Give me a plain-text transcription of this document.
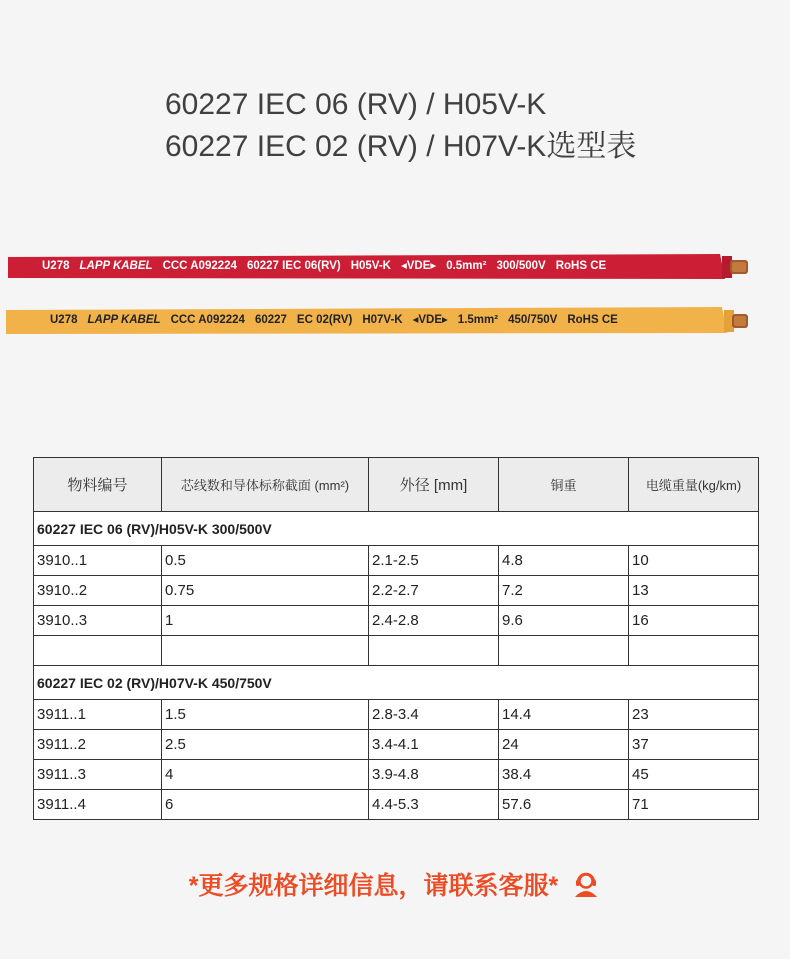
60227 IEC 06 (RV) / H05V-K
60227 IEC 02 (RV) / H07V-K选型表
U278 LAPP KABEL CCC A092224 60227 IEC 06(RV) H05V-K ◂VDE▸ 0.5mm² 300/500V RoHS CE
U278 LAPP KABEL CCC A092224 60227 EC 02(RV) H07V-K ◂VDE▸ 1.5mm² 450/750V RoHS CE
物料编号	芯线数和导体标称截面 (mm²)	外径 [mm]	铜重	电缆重量(kg/km)
60227 IEC 06 (RV)/H05V-K 300/500V				
3910..1	0.5	2.1-2.5	4.8	10
3910..2	0.75	2.2-2.7	7.2	13
3910..3	1	2.4-2.8	9.6	16

60227 IEC 02 (RV)/H07V-K 450/750V				
3911..1	1.5	2.8-3.4	14.4	23
3911..2	2.5	3.4-4.1	24	37
3911..3	4	3.9-4.8	38.4	45
3911..4	6	4.4-5.3	57.6	71
*更多规格详细信息，请联系客服*
